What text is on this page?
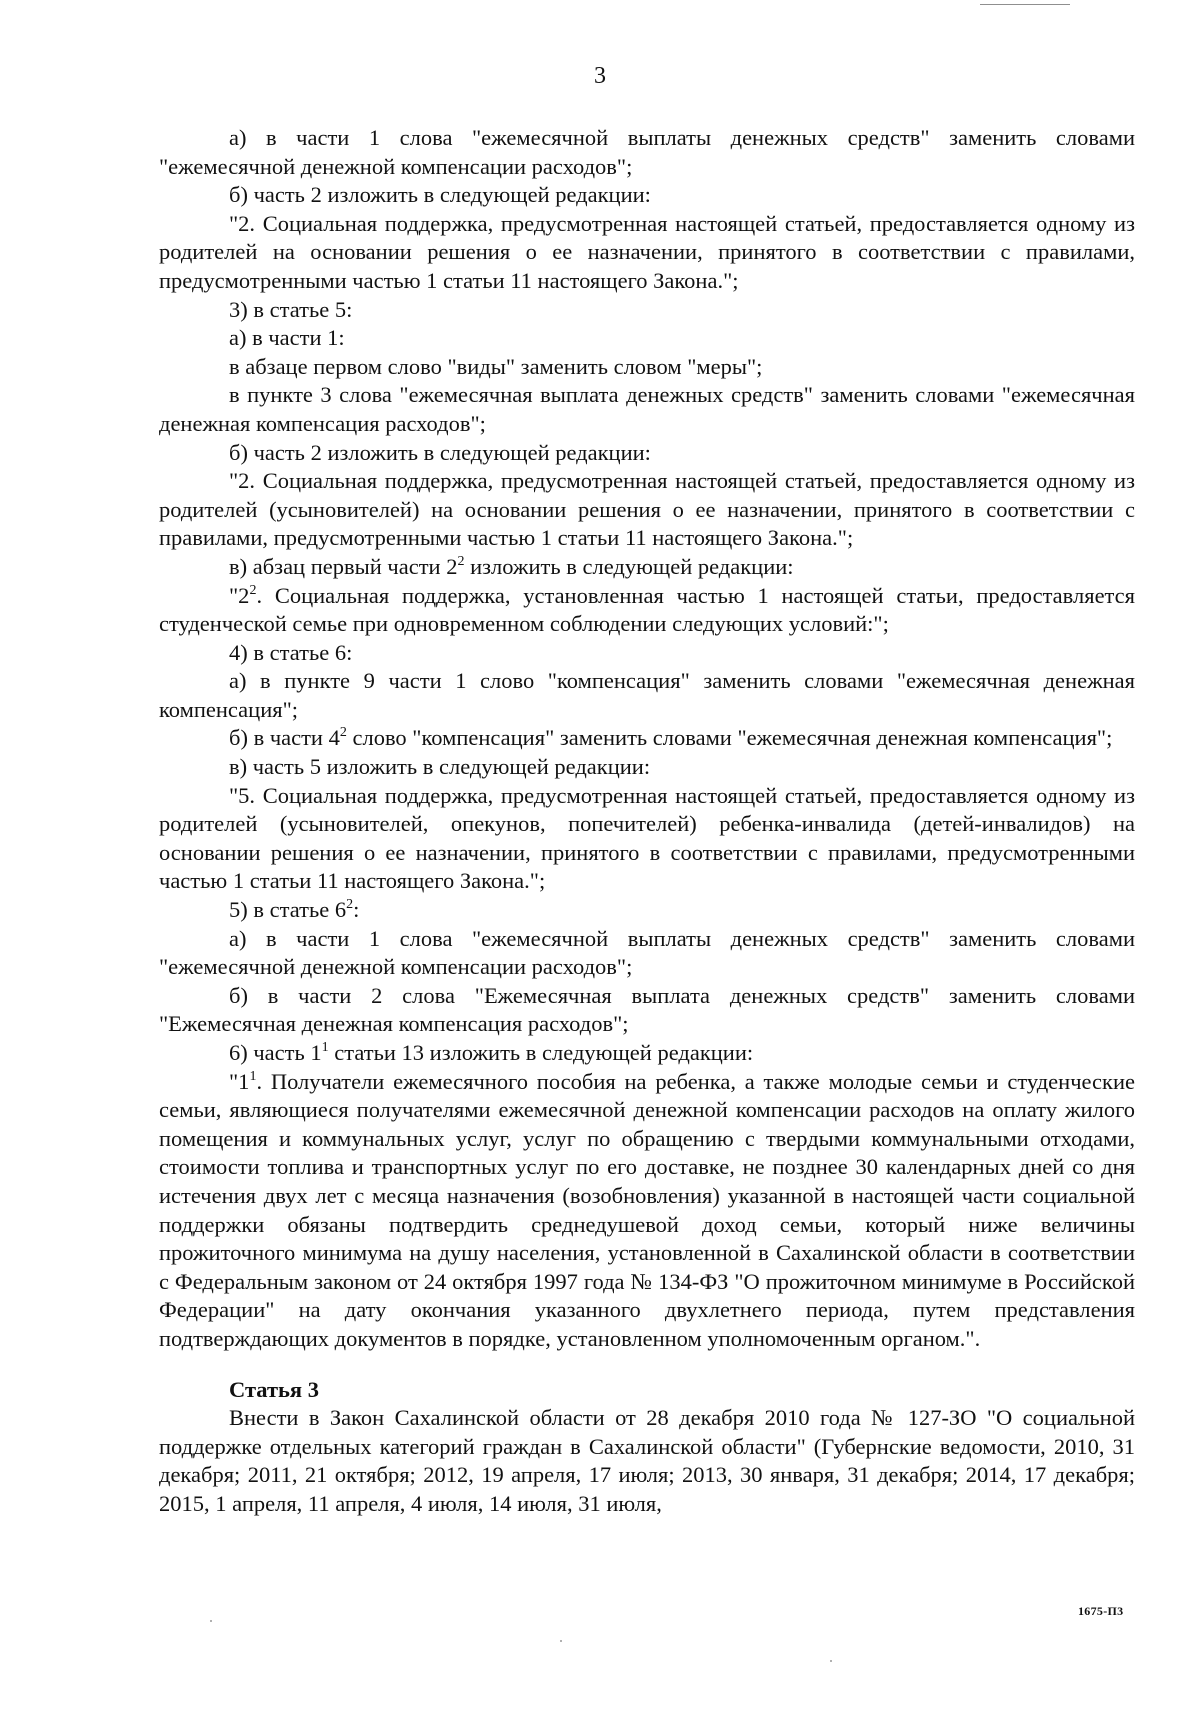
3

а) в части 1 слова "ежемесячной выплаты денежных средств" заменить словами "ежемесячной денежной компенсации расходов";

б) часть 2 изложить в следующей редакции:

"2. Социальная поддержка, предусмотренная настоящей статьей, предоставляется одному из родителей на основании решения о ее назначении, принятого в соответствии с правилами, предусмотренными частью 1 статьи 11 настоящего Закона.";

3) в статье 5:

а) в части 1:

в абзаце первом слово "виды" заменить словом "меры";

в пункте 3 слова "ежемесячная выплата денежных средств" заменить словами "ежемесячная денежная компенсация расходов";

б) часть 2 изложить в следующей редакции:

"2. Социальная поддержка, предусмотренная настоящей статьей, предоставляется одному из родителей (усыновителей) на основании решения о ее назначении, принятого в соответствии с правилами, предусмотренными частью 1 статьи 11 настоящего Закона.";

в) абзац первый части $2^2$ изложить в следующей редакции:

"$2^2$. Социальная поддержка, установленная частью 1 настоящей статьи, предоставляется студенческой семье при одновременном соблюдении следующих условий:";

4) в статье 6:

а) в пункте 9 части 1 слово "компенсация" заменить словами "ежемесячная денежная компенсация";

б) в части $4^2$ слово "компенсация" заменить словами "ежемесячная денежная компенсация";

в) часть 5 изложить в следующей редакции:

"5. Социальная поддержка, предусмотренная настоящей статьей, предоставляется одному из родителей (усыновителей, опекунов, попечителей) ребенка-инвалида (детей-инвалидов) на основании решения о ее назначении, принятого в соответствии с правилами, предусмотренными частью 1 статьи 11 настоящего Закона.";

5) в статье $6^2$:

а) в части 1 слова "ежемесячной выплаты денежных средств" заменить словами "ежемесячной денежной компенсации расходов";

б) в части 2 слова "Ежемесячная выплата денежных средств" заменить словами "Ежемесячная денежная компенсация расходов";

6) часть $1^1$ статьи 13 изложить в следующей редакции:

"$1^1$. Получатели ежемесячного пособия на ребенка, а также молодые семьи и студенческие семьи, являющиеся получателями ежемесячной денежной компенсации расходов на оплату жилого помещения и коммунальных услуг, услуг по обращению с твердыми коммунальными отходами, стоимости топлива и транспортных услуг по его доставке, не позднее 30 календарных дней со дня истечения двух лет с месяца назначения (возобновления) указанной в настоящей части социальной поддержки обязаны подтвердить среднедушевой доход семьи, который ниже величины прожиточного минимума на душу населения, установленной в Сахалинской области в соответствии с Федеральным законом от 24 октября 1997 года № 134-ФЗ "О прожиточном минимуме в Российской Федерации" на дату окончания указанного двухлетнего периода, путем представления подтверждающих документов в порядке, установленном уполномоченным органом.".

Статья 3

Внести в Закон Сахалинской области от 28 декабря 2010 года № 127-ЗО "О социальной поддержке отдельных категорий граждан в Сахалинской области" (Губернские ведомости, 2010, 31 декабря; 2011, 21 октября; 2012, 19 апреля, 17 июля; 2013, 30 января, 31 декабря; 2014, 17 декабря; 2015, 1 апреля, 11 апреля, 4 июля, 14 июля, 31 июля,

1675-П3
